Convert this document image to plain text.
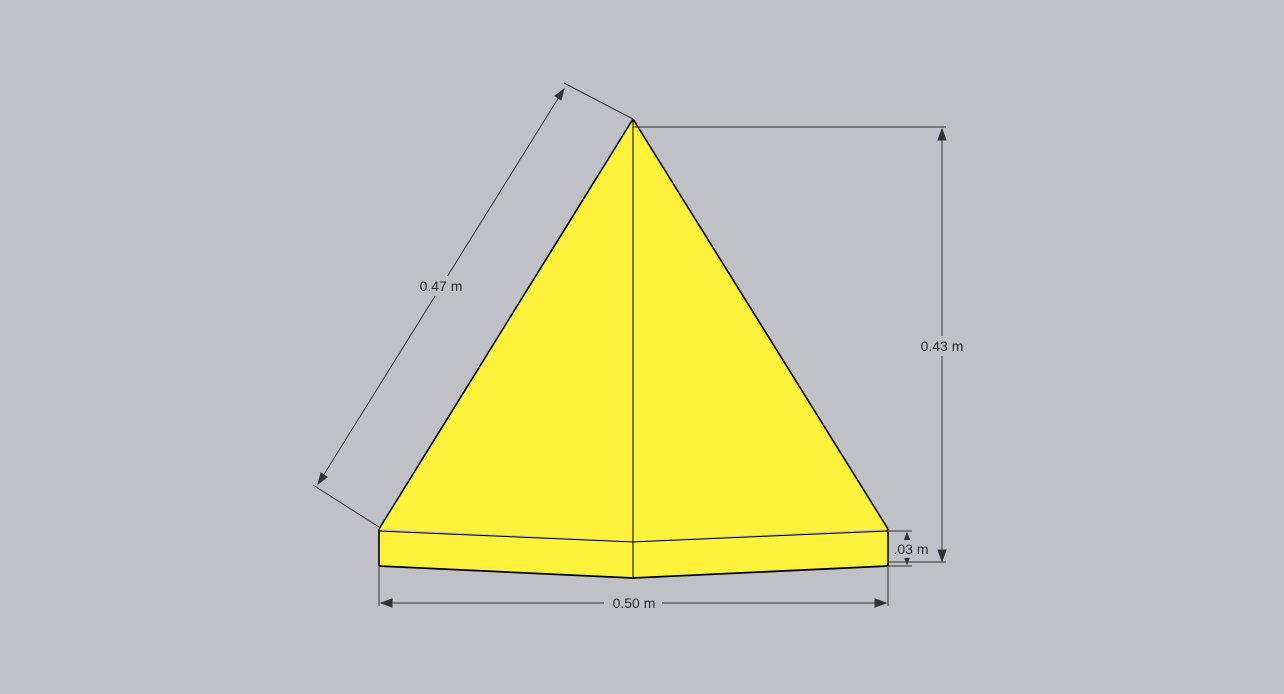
0.47 m
0.43 m
.03 m
0.50 m
